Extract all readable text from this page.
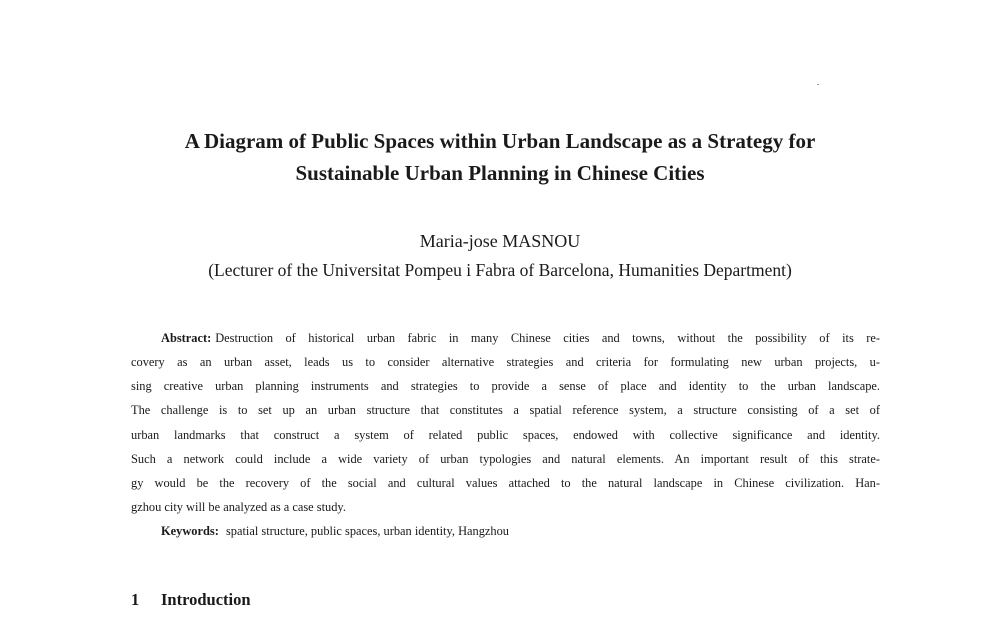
A Diagram of Public Spaces within Urban Landscape as a Strategy for
Sustainable Urban Planning in Chinese Cities
Maria-jose MASNOU
(Lecturer of the Universitat Pompeu i Fabra of Barcelona, Humanities Department)
Abstract: Destruction of historical urban fabric in many Chinese cities and towns, without the possibility of its re-
covery as an urban asset, leads us to consider alternative strategies and criteria for formulating new urban projects, u-
sing creative urban planning instruments and strategies to provide a sense of place and identity to the urban landscape.
The challenge is to set up an urban structure that constitutes a spatial reference system, a structure consisting of a set of
urban landmarks that construct a system of related public spaces, endowed with collective significance and identity.
Such a network could include a wide variety of urban typologies and natural elements. An important result of this strate-
gy would be the recovery of the social and cultural values attached to the natural landscape in Chinese civilization. Han-
gzhou city will be analyzed as a case study.
Keywords: spatial structure, public spaces, urban identity, Hangzhou
1 Introduction
